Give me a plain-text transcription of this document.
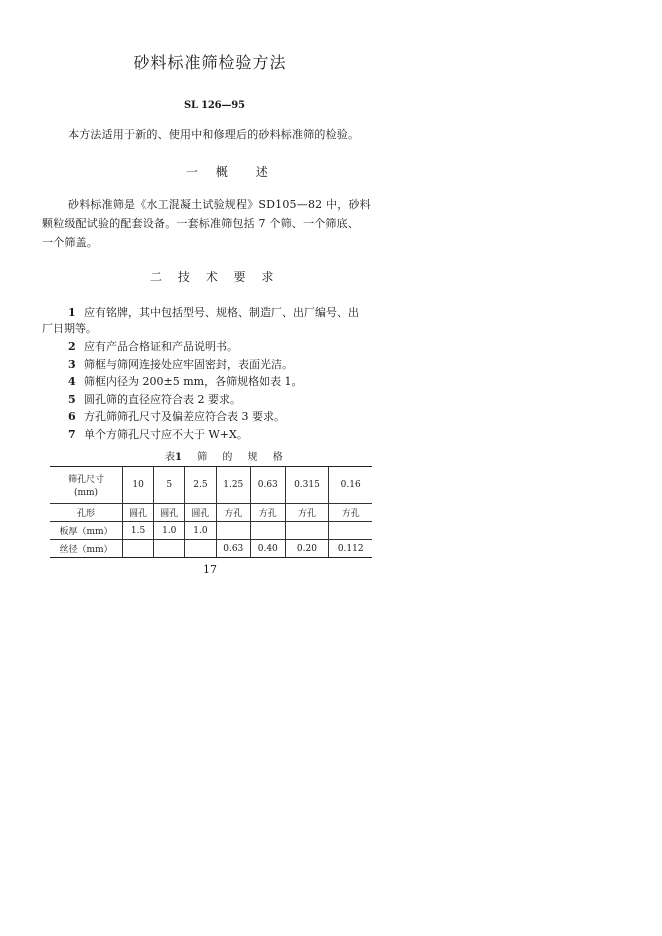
砂料标准筛检验方法
SL 126—95
本方法适用于新的、使用中和修理后的砂料标准筛的检验。
一 概 述
砂料标准筛是《水工混凝土试验规程》SD105—82 中，砂料
颗粒级配试验的配套设备。一套标准筛包括 7 个筛、一个筛底、
一个筛盖。
二 技 术 要 求
1 应有铭牌，其中包括型号、规格、制造厂、出厂编号、出
厂日期等。
2 应有产品合格证和产品说明书。
3 筛框与筛网连接处应牢固密封，表面光洁。
4 筛框内径为 200±5 mm，各筛规格如表 1。
5 圆孔筛的直径应符合表 2 要求。
6 方孔筛筛孔尺寸及偏差应符合表 3 要求。
7 单个方筛孔尺寸应不大于 W+X。
表1 筛 的 规 格
筛孔尺寸
(mm)	10	5	2.5	1.25	0.63	0.315	0.16
孔形	圆孔	圆孔	圆孔	方孔	方孔	方孔	方孔
板厚（mm）	1.5	1.0	1.0				
丝径（mm）				0.63	0.40	0.20	0.112
17
